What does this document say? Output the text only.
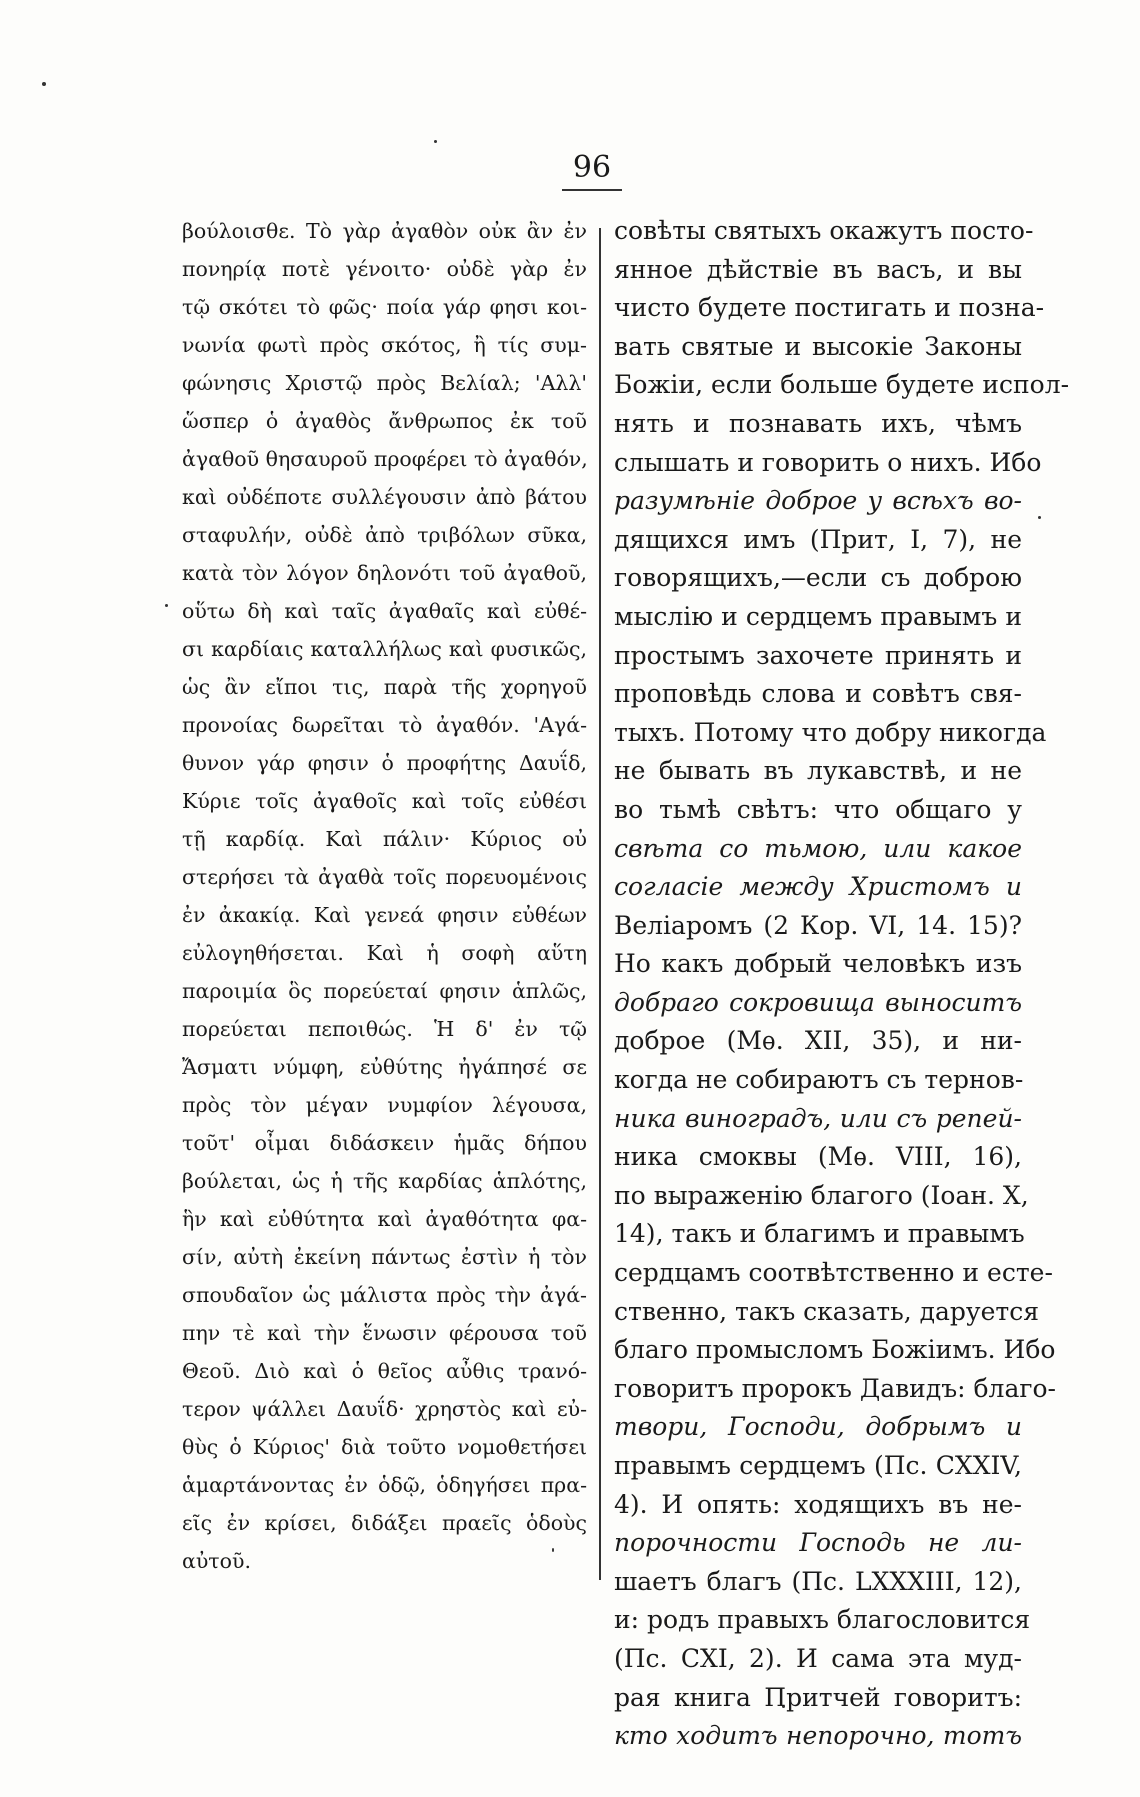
96
βούλοισθε. Τὸ γὰρ ἀγαθὸν οὐκ ἂν ἐν
πονηρίᾳ ποτὲ γένοιτο· οὐδὲ γὰρ ἐν
τῷ σκότει τὸ φῶς· ποία γάρ φησι κοι-
νωνία φωτὶ πρὸς σκότος, ἢ τίς συμ-
φώνησις Χριστῷ πρὸς Βελίαλ; 'Αλλ'
ὥσπερ ὁ ἀγαθὸς ἄνθρωπος ἐκ τοῦ
ἀγαθοῦ θησαυροῦ προφέρει τὸ ἀγαθόν,
καὶ οὐδέποτε συλλέγουσιν ἀπὸ βάτου
σταφυλήν, οὐδὲ ἀπὸ τριβόλων σῦκα,
κατὰ τὸν λόγον δηλονότι τοῦ ἀγαθοῦ,
οὕτω δὴ καὶ ταῖς ἀγαθαῖς καὶ εὐθέ-
σι καρδίαις καταλλήλως καὶ φυσικῶς,
ὡς ἂν εἴποι τις, παρὰ τῆς χορηγοῦ
προνοίας δωρεῖται τὸ ἀγαθόν. 'Αγά-
θυνον γάρ φησιν ὁ προφήτης Δαυΐδ,
Κύριε τοῖς ἀγαθοῖς καὶ τοῖς εὐθέσι
τῇ καρδίᾳ. Καὶ πάλιν· Κύριος οὐ
στερήσει τὰ ἀγαθὰ τοῖς πορευομένοις
ἐν ἀκακίᾳ. Καὶ γενεά φησιν εὐθέων
εὐλογηθήσεται. Καὶ ἡ σοφὴ αὕτη
παροιμία ὃς πορεύεταί φησιν ἁπλῶς,
πορεύεται πεποιθώς. Ἡ δ' ἐν τῷ
Ἄσματι νύμφη, εὐθύτης ἠγάπησέ σε
πρὸς τὸν μέγαν νυμφίον λέγουσα,
τοῦτ' οἶμαι διδάσκειν ἡμᾶς δήπου
βούλεται, ὡς ἡ τῆς καρδίας ἁπλότης,
ἣν καὶ εὐθύτητα καὶ ἀγαθότητα φα-
σίν, αὐτὴ ἐκείνη πάντως ἐστὶν ἡ τὸν
σπουδαῖον ὡς μάλιστα πρὸς τὴν ἀγά-
πην τὲ καὶ τὴν ἕνωσιν φέρουσα τοῦ
Θεοῦ. Διὸ καὶ ὁ θεῖος αὖθις τρανό-
τερον ψάλλει Δαυΐδ· χρηστὸς καὶ εὐ-
θὺς ὁ Κύριος' διὰ τοῦτο νομοθετήσει
ἁμαρτάνοντας ἐν ὁδῷ, ὁδηγήσει πρα-
εῖς ἐν κρίσει, διδάξει πραεῖς ὁδοὺς
αὐτοῦ.
совѣты святыхъ окажутъ посто-
янное дѣйствіе въ васъ, и вы
чисто будете постигать и позна-
вать святые и высокіе Законы
Божіи, если больше будете испол-
нять и познавать ихъ, чѣмъ
слышать и говорить о нихъ. Ибо
разумѣніе доброе у всѣхъ во-
дящихся имъ (Прит, I, 7), не
говорящихъ,—если съ доброю
мыслію и сердцемъ правымъ и
простымъ захочете принять и
проповѣдь слова и совѣтъ свя-
тыхъ. Потому что добру никогда
не бывать въ лукавствѣ, и не
во тьмѣ свѣтъ: что общаго у
свѣта со тьмою, или какое
согласіе между Христомъ и
Веліаромъ (2 Кор. VI, 14. 15)?
Но какъ добрый человѣкъ изъ
добраго сокровища выноситъ
доброе (Мѳ. XII, 35), и ни-
когда не собираютъ съ тернов-
ника виноградъ, или съ репей-
ника смоквы (Мѳ. VIII, 16),
по выраженію благого (Іоан. X,
14), такъ и благимъ и правымъ
сердцамъ соотвѣтственно и есте-
ственно, такъ сказать, даруется
благо промысломъ Божіимъ. Ибо
говоритъ пророкъ Давидъ: благо-
твори, Господи, добрымъ и
правымъ сердцемъ (Пс. CXXIV,
4). И опять: ходящихъ въ не-
порочности Господь не ли-
шаетъ благъ (Пс. LXXXIII, 12),
и: родъ правыхъ благословится
(Пс. CXI, 2). И сама эта муд-
рая книга Притчей говоритъ:
кто ходитъ непорочно, тотъ
